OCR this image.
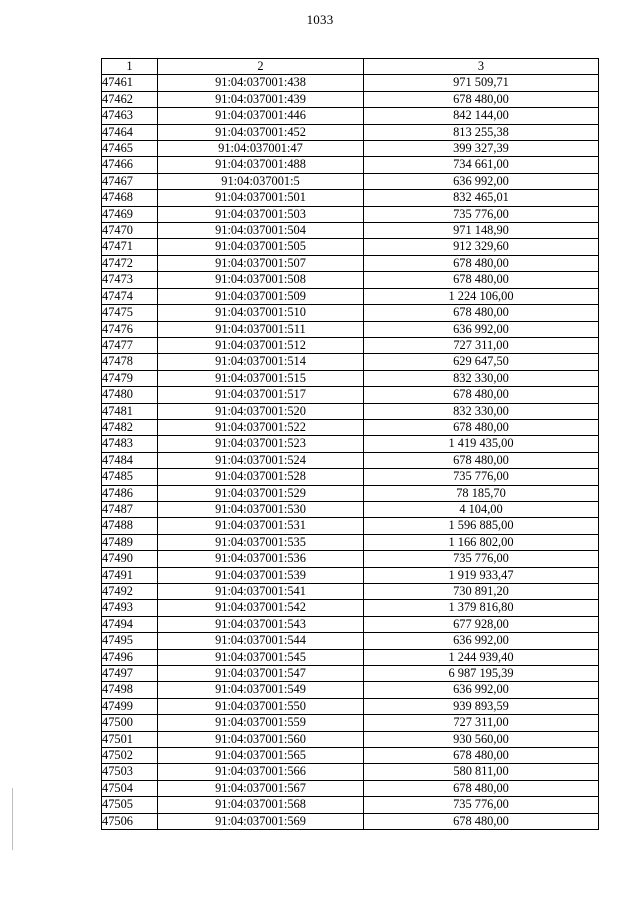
1033
1	2	3
47461	91:04:037001:438	971 509,71
47462	91:04:037001:439	678 480,00
47463	91:04:037001:446	842 144,00
47464	91:04:037001:452	813 255,38
47465	91:04:037001:47	399 327,39
47466	91:04:037001:488	734 661,00
47467	91:04:037001:5	636 992,00
47468	91:04:037001:501	832 465,01
47469	91:04:037001:503	735 776,00
47470	91:04:037001:504	971 148,90
47471	91:04:037001:505	912 329,60
47472	91:04:037001:507	678 480,00
47473	91:04:037001:508	678 480,00
47474	91:04:037001:509	1 224 106,00
47475	91:04:037001:510	678 480,00
47476	91:04:037001:511	636 992,00
47477	91:04:037001:512	727 311,00
47478	91:04:037001:514	629 647,50
47479	91:04:037001:515	832 330,00
47480	91:04:037001:517	678 480,00
47481	91:04:037001:520	832 330,00
47482	91:04:037001:522	678 480,00
47483	91:04:037001:523	1 419 435,00
47484	91:04:037001:524	678 480,00
47485	91:04:037001:528	735 776,00
47486	91:04:037001:529	78 185,70
47487	91:04:037001:530	4 104,00
47488	91:04:037001:531	1 596 885,00
47489	91:04:037001:535	1 166 802,00
47490	91:04:037001:536	735 776,00
47491	91:04:037001:539	1 919 933,47
47492	91:04:037001:541	730 891,20
47493	91:04:037001:542	1 379 816,80
47494	91:04:037001:543	677 928,00
47495	91:04:037001:544	636 992,00
47496	91:04:037001:545	1 244 939,40
47497	91:04:037001:547	6 987 195,39
47498	91:04:037001:549	636 992,00
47499	91:04:037001:550	939 893,59
47500	91:04:037001:559	727 311,00
47501	91:04:037001:560	930 560,00
47502	91:04:037001:565	678 480,00
47503	91:04:037001:566	580 811,00
47504	91:04:037001:567	678 480,00
47505	91:04:037001:568	735 776,00
47506	91:04:037001:569	678 480,00
